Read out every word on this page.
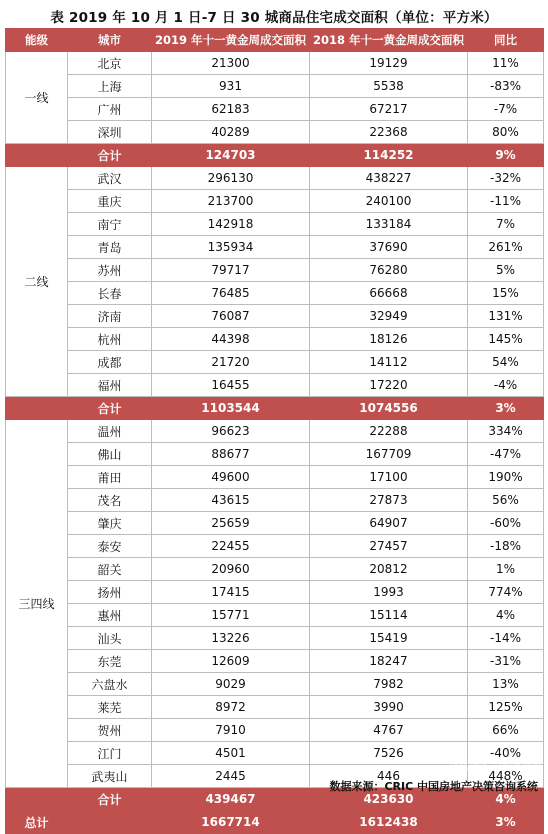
表 2019 年 10 月 1 日-7 日 30 城商品住宅成交面积（单位：平方米）
能级	城市	2019 年十一黄金周成交面积	2018 年十一黄金周成交面积	同比
一线	北京	21300	19129	11%
	上海	931	5538	-83%
	广州	62183	67217	-7%
	深圳	40289	22368	80%
	合计	124703	114252	9%
二线	武汉	296130	438227	-32%
	重庆	213700	240100	-11%
	南宁	142918	133184	7%
	青岛	135934	37690	261%
	苏州	79717	76280	5%
	长春	76485	66668	15%
	济南	76087	32949	131%
	杭州	44398	18126	145%
	成都	21720	14112	54%
	福州	16455	17220	-4%
	合计	1103544	1074556	3%
三四线	温州	96623	22288	334%
	佛山	88677	167709	-47%
	莆田	49600	17100	190%
	茂名	43615	27873	56%
	肇庆	25659	64907	-60%
	泰安	22455	27457	-18%
	韶关	20960	20812	1%
	扬州	17415	1993	774%
	惠州	15771	15114	4%
	汕头	13226	15419	-14%
	东莞	12609	18247	-31%
	六盘水	9029	7982	13%
	莱芜	8972	3990	125%
	贺州	7910	4767	66%
	江门	4501	7526	-40%
	武夷山	2445	446	448%
	合计	439467	423630	4%
总计		1667714	1612438	3%
凤凰社区 @城事观察
数据来源：CRIC 中国房地产决策咨询系统
